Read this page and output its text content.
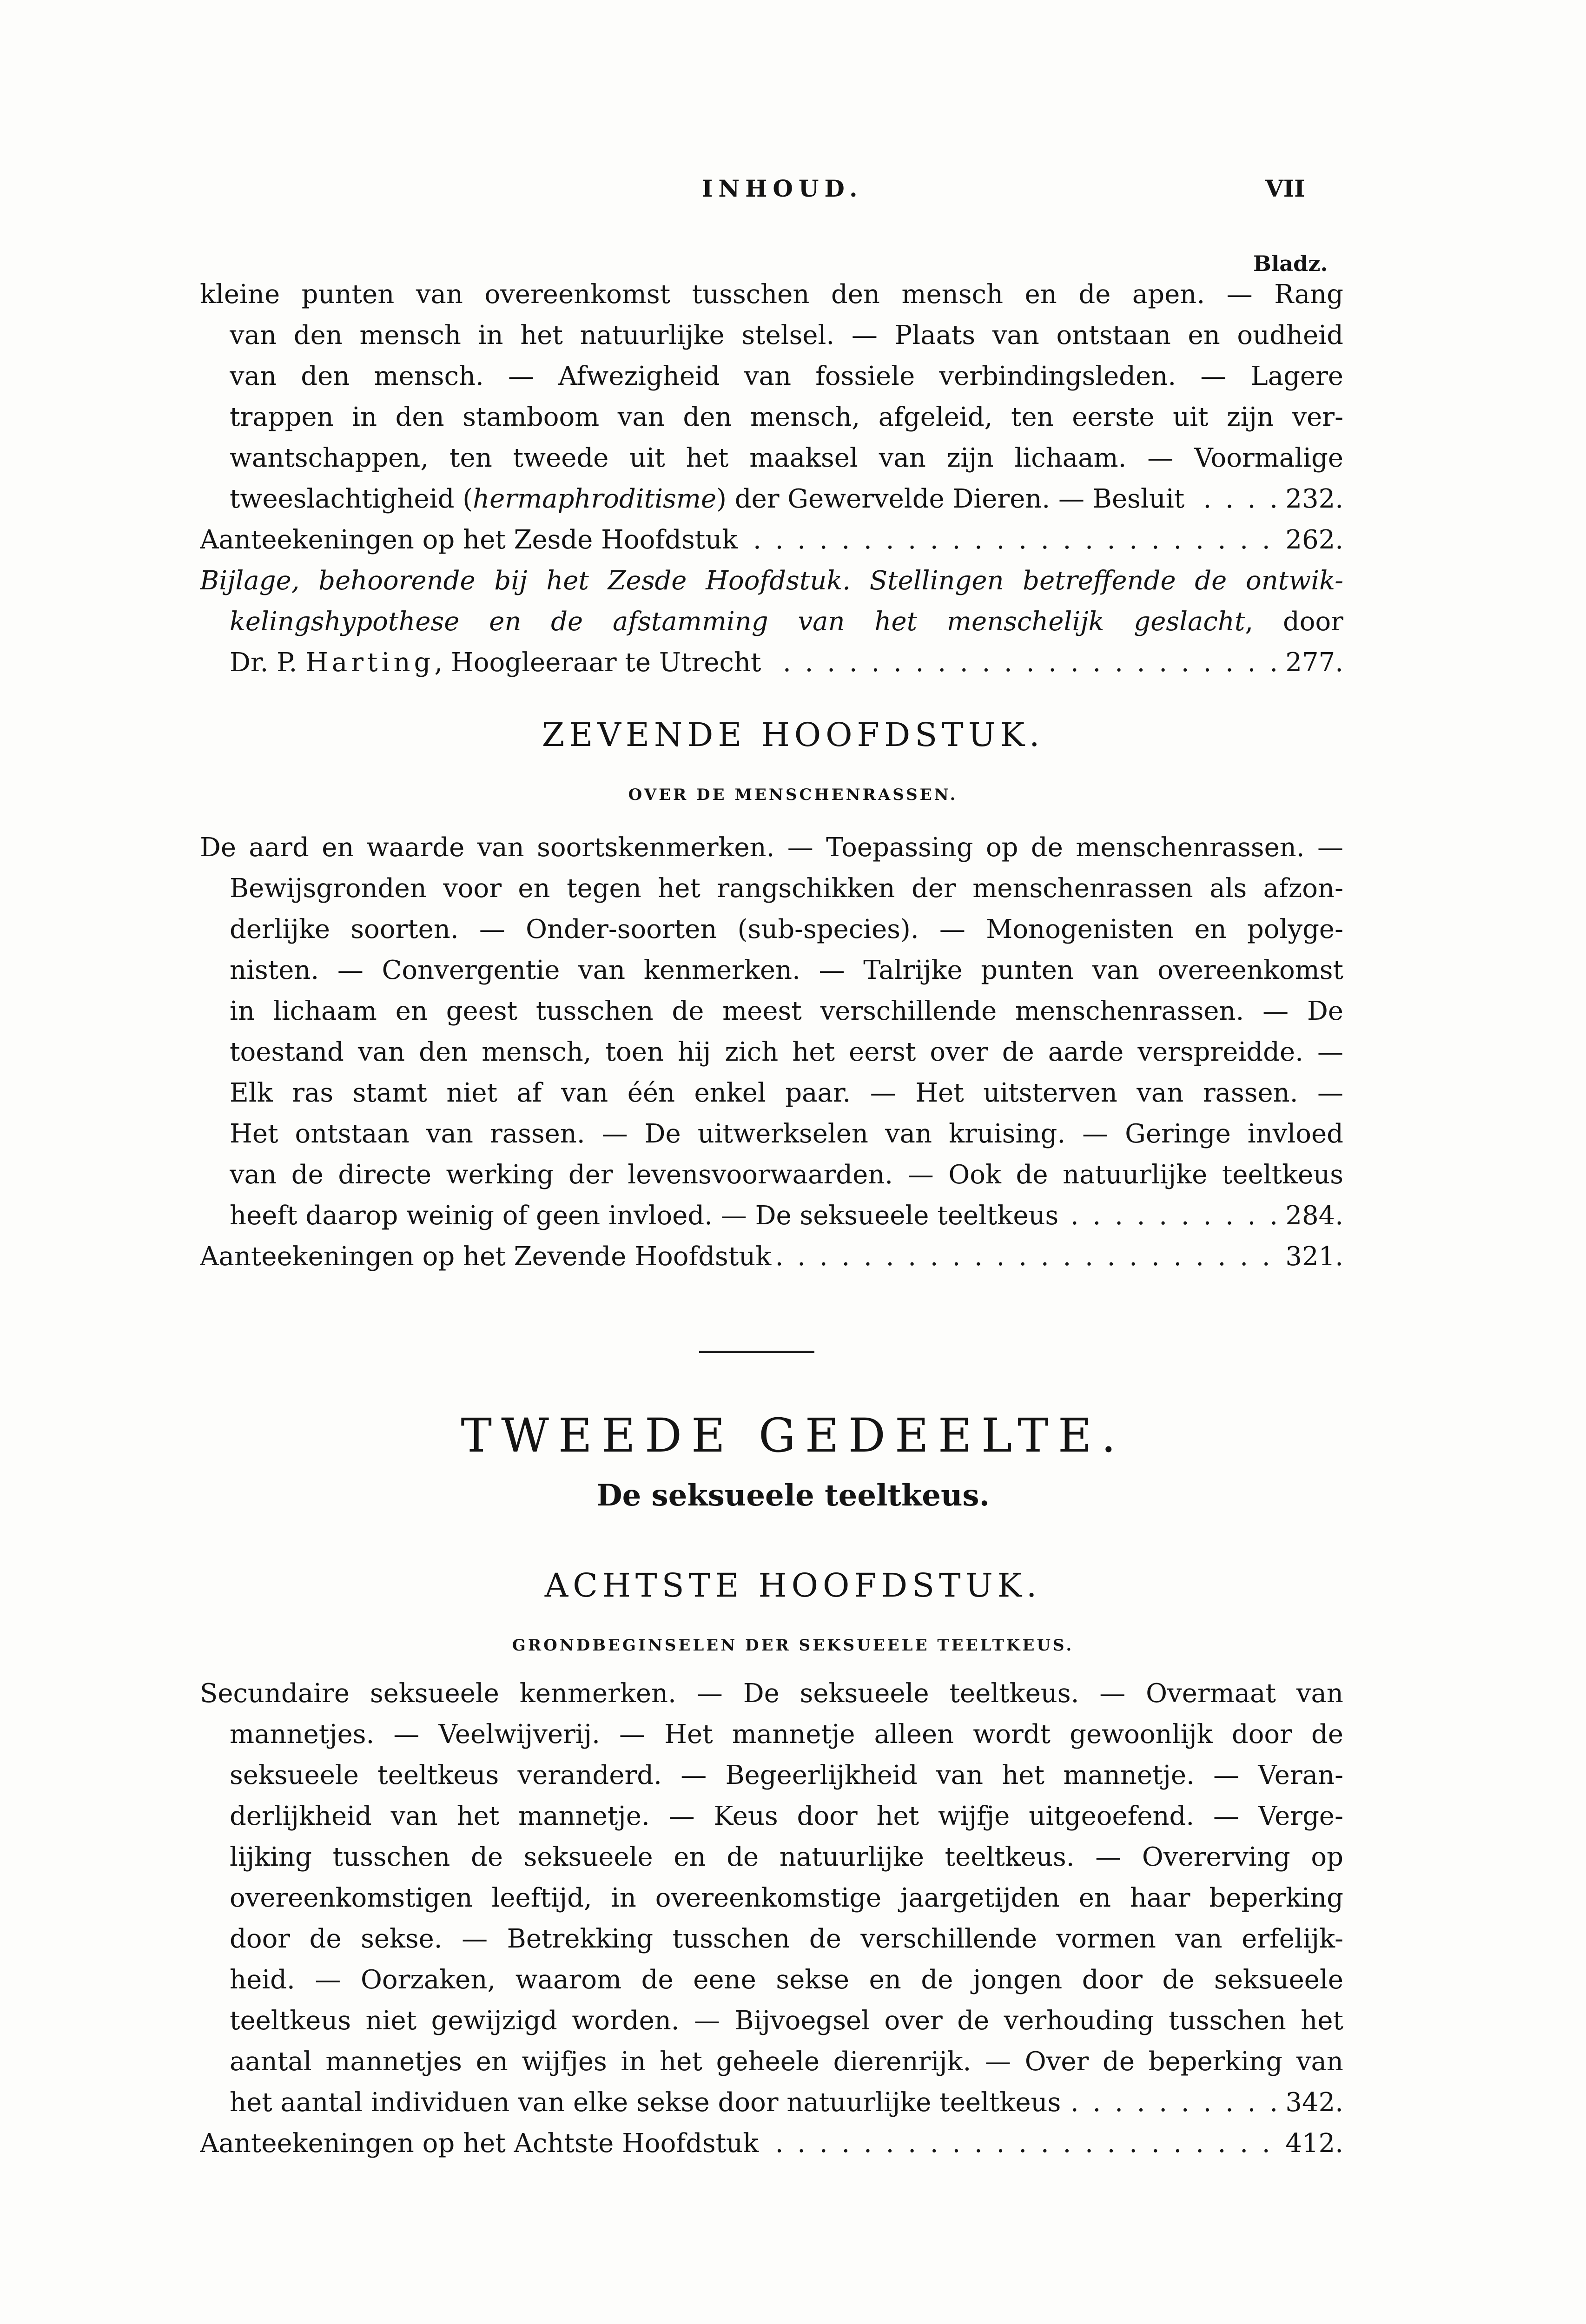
INHOUD.	VII
Bladz.
kleine punten van overeenkomst tusschen den mensch en de apen. — Rang
van den mensch in het natuurlijke stelsel. — Plaats van ontstaan en oudheid
van den mensch. — Afwezigheid van fossiele verbindingsleden. — Lagere
trappen in den stamboom van den mensch, afgeleid, ten eerste uit zijn ver-
wantschappen, ten tweede uit het maaksel van zijn lichaam. — Voormalige
tweeslachtigheid (hermaphroditisme) der Gewervelde Dieren. — Besluit	232.
. . .
Aanteekeningen op het Zesde Hoofdstuk	262.
. . .
Bijlage, behoorende bij het Zesde Hoofdstuk. Stellingen betreffende de ontwik-
kelingshypothese en de afstamming van het menschelijk geslacht, door
Dr. P. Harting, Hoogleeraar te Utrecht	277.
. . .
ZEVENDE HOOFDSTUK.
OVER DE MENSCHENRASSEN.
De aard en waarde van soortskenmerken. — Toepassing op de menschenrassen. —
Bewijsgronden voor en tegen het rangschikken der menschenrassen als afzon-
derlijke soorten. — Onder-soorten (sub-species). — Monogenisten en polyge-
nisten. — Convergentie van kenmerken. — Talrijke punten van overeenkomst
in lichaam en geest tusschen de meest verschillende menschenrassen. — De
toestand van den mensch, toen hij zich het eerst over de aarde verspreidde. —
Elk ras stamt niet af van één enkel paar. — Het uitsterven van rassen. —
Het ontstaan van rassen. — De uitwerkselen van kruising. — Geringe invloed
van de directe werking der levensvoorwaarden. — Ook de natuurlijke teeltkeus
heeft daarop weinig of geen invloed. — De seksueele teeltkeus	284.
. . .
Aanteekeningen op het Zevende Hoofdstuk	321.
. . .
TWEEDE GEDEELTE.
De seksueele teeltkeus.
ACHTSTE HOOFDSTUK.
GRONDBEGINSELEN DER SEKSUEELE TEELTKEUS.
Secundaire seksueele kenmerken. — De seksueele teeltkeus. — Overmaat van
mannetjes. — Veelwijverij. — Het mannetje alleen wordt gewoonlijk door de
seksueele teeltkeus veranderd. — Begeerlijkheid van het mannetje. — Veran-
derlijkheid van het mannetje. — Keus door het wijfje uitgeoefend. — Verge-
lijking tusschen de seksueele en de natuurlijke teeltkeus. — Overerving op
overeenkomstigen leeftijd, in overeenkomstige jaargetijden en haar beperking
door de sekse. — Betrekking tusschen de verschillende vormen van erfelijk-
heid. — Oorzaken, waarom de eene sekse en de jongen door de seksueele
teeltkeus niet gewijzigd worden. — Bijvoegsel over de verhouding tusschen het
aantal mannetjes en wijfjes in het geheele dierenrijk. — Over de beperking van
het aantal individuen van elke sekse door natuurlijke teeltkeus	342.
. . .
Aanteekeningen op het Achtste Hoofdstuk	412.
. . .
